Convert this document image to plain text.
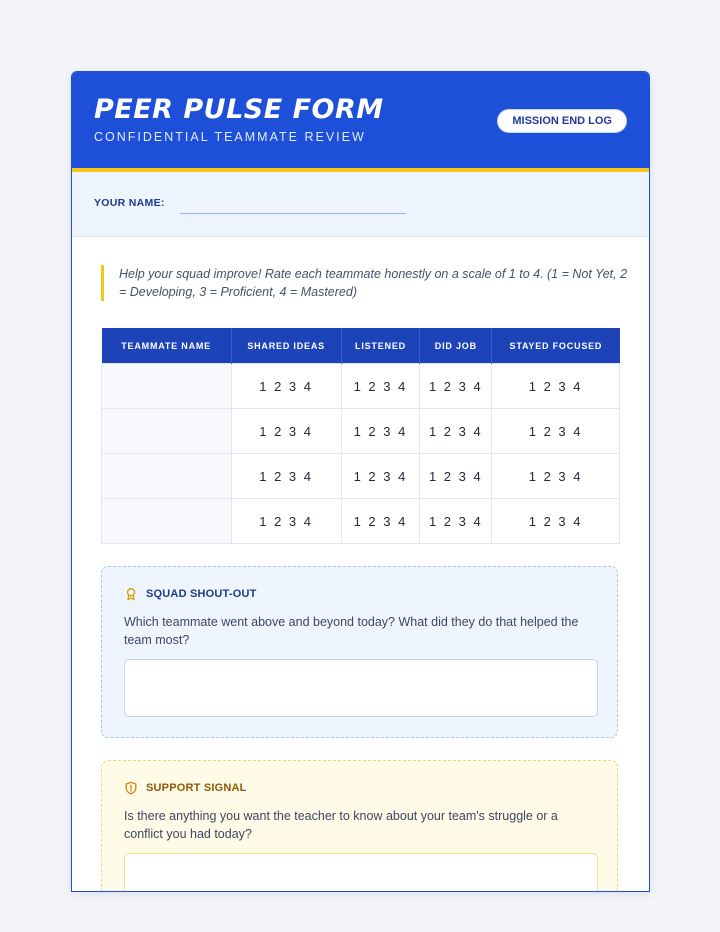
PEER PULSE FORM
CONFIDENTIAL TEAMMATE REVIEW
MISSION END LOG
YOUR NAME:
Help your squad improve! Rate each teammate honestly on a scale of 1 to 4. (1 = Not Yet, 2 = Developing, 3 = Proficient, 4 = Mastered)
TEAMMATE NAME	SHARED IDEAS	LISTENED	DID JOB	STAYED FOCUSED
	1 2 3 4	1 2 3 4	1 2 3 4	1 2 3 4
	1 2 3 4	1 2 3 4	1 2 3 4	1 2 3 4
	1 2 3 4	1 2 3 4	1 2 3 4	1 2 3 4
	1 2 3 4	1 2 3 4	1 2 3 4	1 2 3 4
SQUAD SHOUT-OUT
Which teammate went above and beyond today? What did they do that helped the team most?
SUPPORT SIGNAL
Is there anything you want the teacher to know about your team's struggle or a conflict you had today?
